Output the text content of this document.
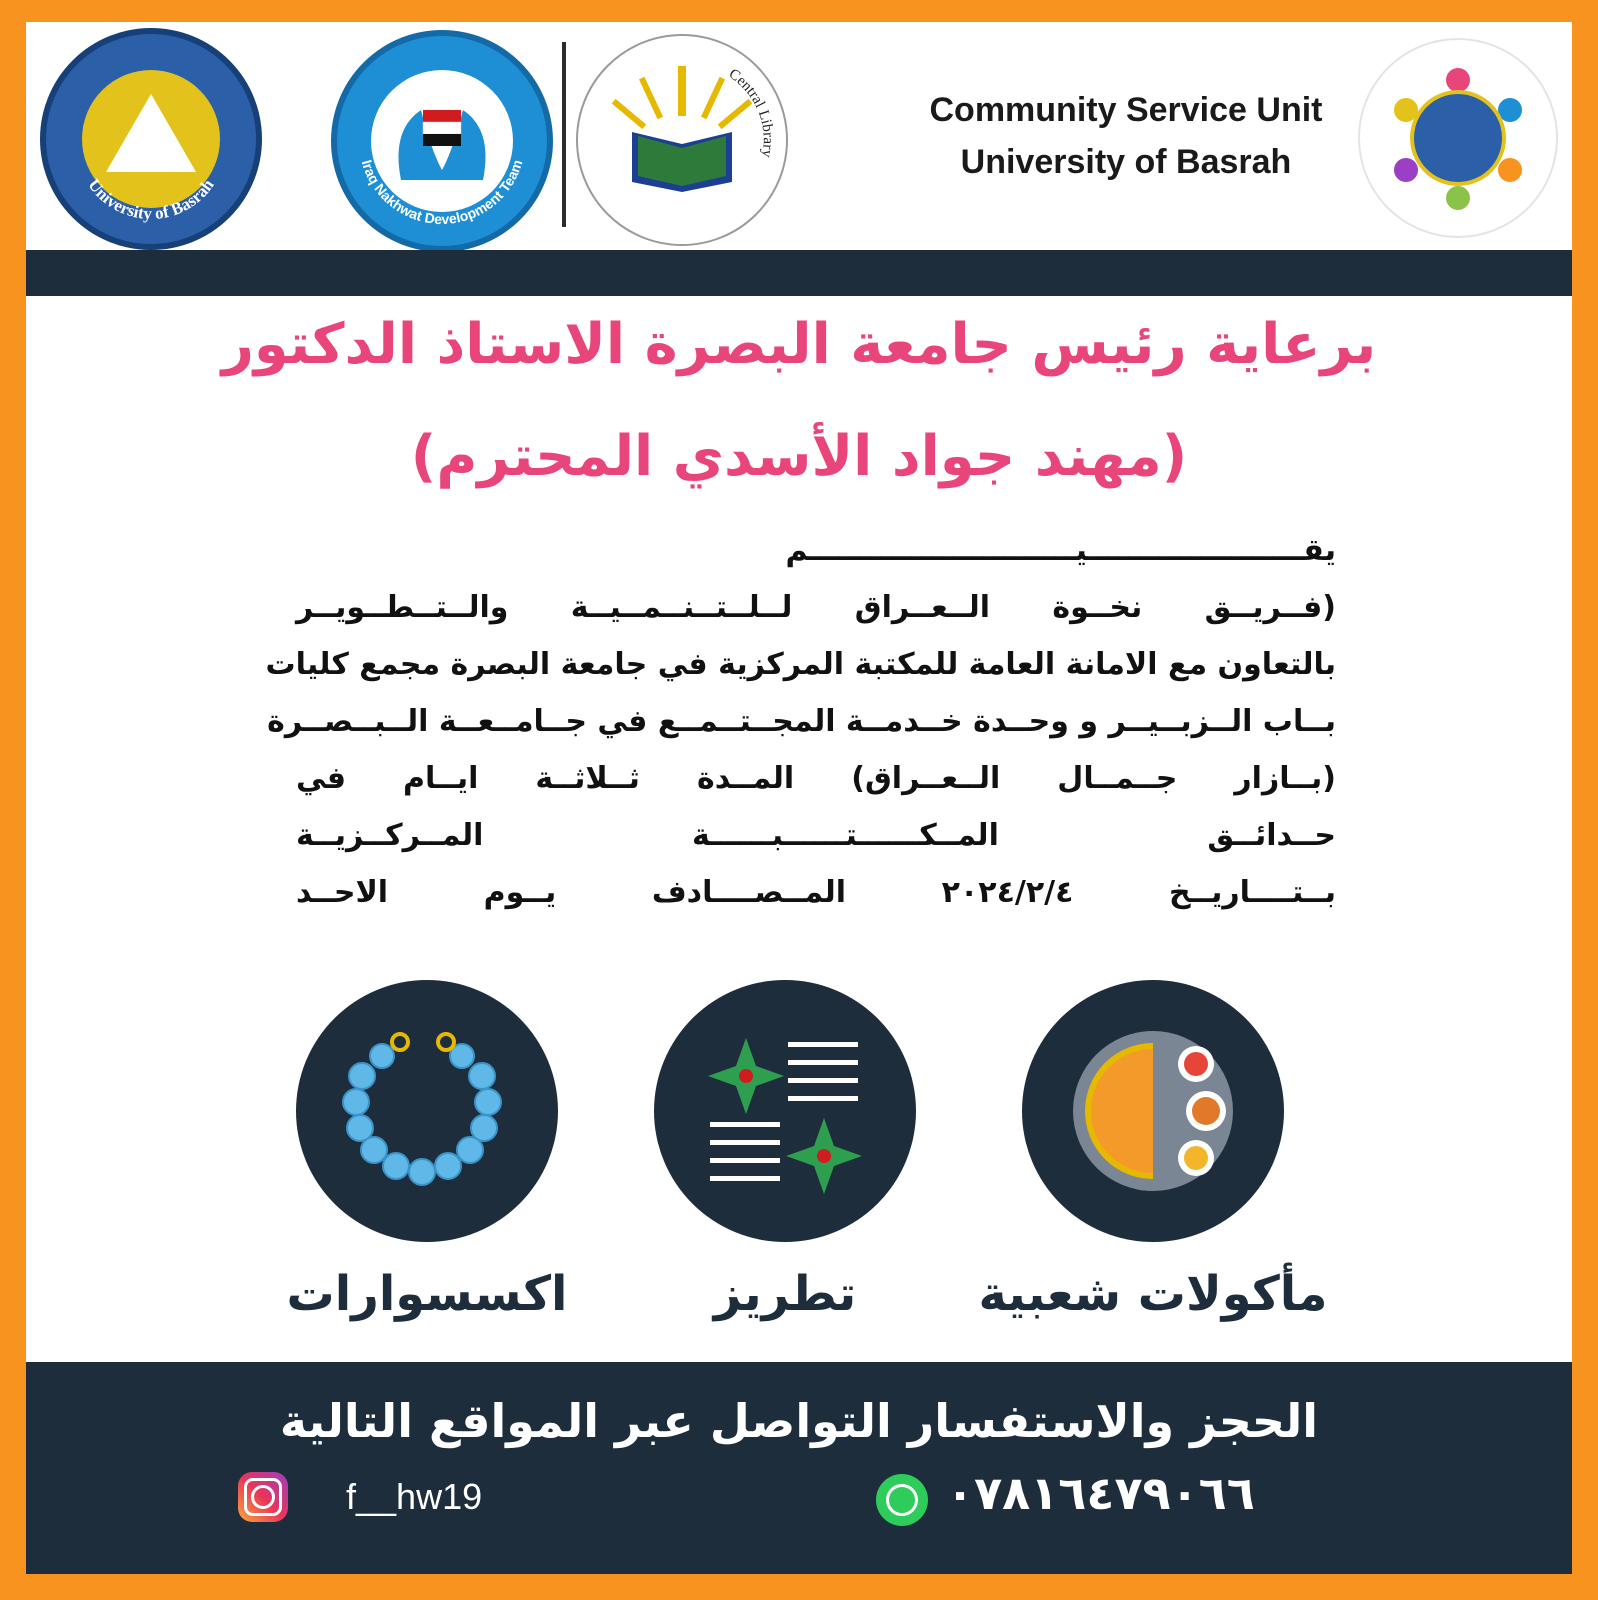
University of Basrah
Iraq Nakhwat Development Team
Central Library
Community Service Unit
University of Basrah
برعاية رئيس جامعة البصرة الاستاذ الدكتور
(مهند جواد الأسدي المحترم)
يقـــــــــــــــــــــيــــــــــــــــــــــــــم
(فــريــق نخــوة الــعــراق لــلــتــنــمــيــة والــتــطــويــر
بالتعاون مع الامانة العامة للمكتبة المركزية في جامعة البصرة مجمع كليات
بــاب الــزبــيــر و وحــدة خــدمــة المجــتــمــع في جــامــعــة الــبــصــرة
(بــازار جــمــال الــعــراق) المــدة ثــلاثــة ايــام في
حــدائــق المــكــــــتــــــبــــــة المــركــزيــة
بــتــــاريــخ ٢٠٢٤/٢/٤ المــصــــادف يــوم الاحــد
اكسسوارات	تطريز	مأكولات شعبية
الحجز والاستفسار التواصل عبر المواقع التالية
f__hw19	٠٧٨١٦٤٧٩٠٦٦
